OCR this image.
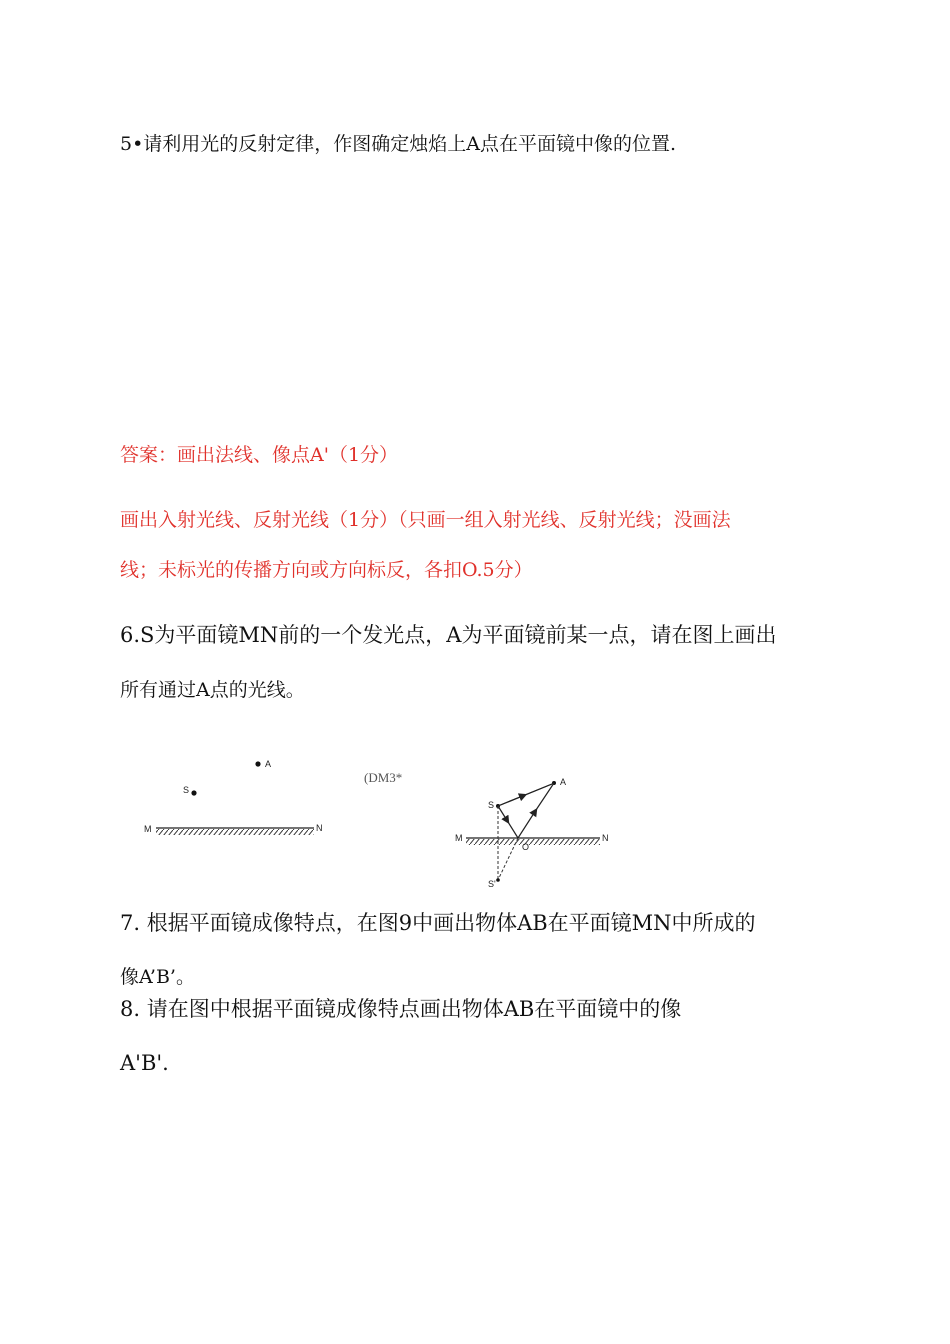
5•请利用光的反射定律，作图确定烛焰上A点在平面镜中像的位置.
答案：画出法线、像点A'（1分）
画出入射光线、反射光线（1分）（只画一组入射光线、反射光线；没画法
线；未标光的传播方向或方向标反，各扣O.5分）
6.S为平面镜MN前的一个发光点，A为平面镜前某一点，请在图上画出
所有通过A点的光线。
A
S
M	N
(DM3*
M	N
S
A
O
S'
7. 根据平面镜成像特点，在图9中画出物体AB在平面镜MN中所成的
像A’B’。
8. 请在图中根据平面镜成像特点画出物体AB在平面镜中的像
A'B'.
